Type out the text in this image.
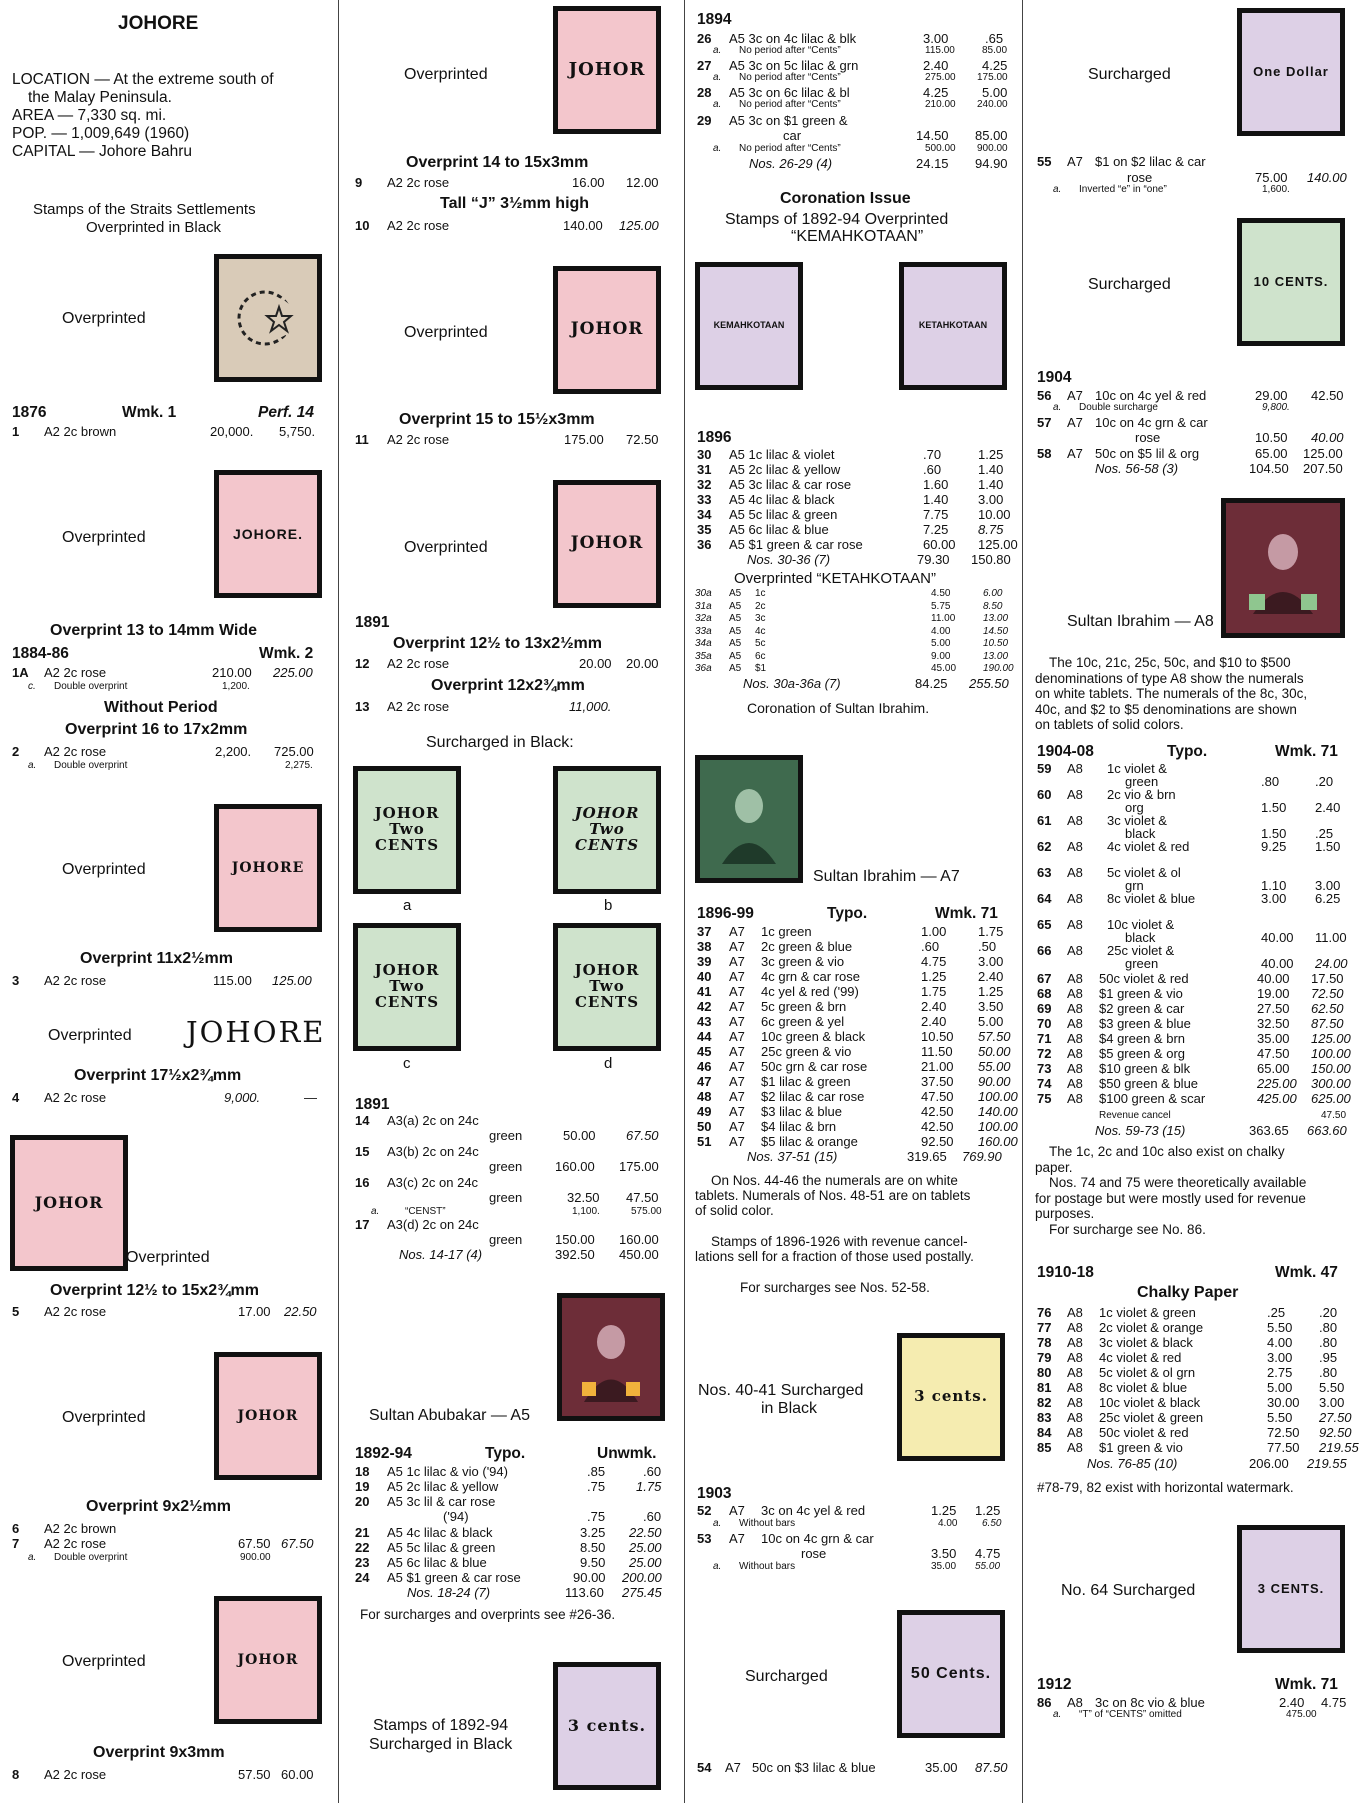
JOHORE
LOCATION — At the extreme south of
the Malay Peninsula.
AREA — 7,330 sq. mi.
POP. — 1,009,649 (1960)
CAPITAL — Johore Bahru
Stamps of the Straits Settlements
Overprinted in Black
Overprinted
1876	Wmk. 1	Perf. 14
1 A2 2c brown	20,000. 5,750.
Overprinted	JOHORE.
Overprint 13 to 14mm Wide
1884-86	Wmk. 2
1A A2 2c rose	210.00 225.00
c. Double overprint	1,200.
Without Period
Overprint 16 to 17x2mm
2 A2 2c rose	2,200. 725.00
a. Double overprint	2,275.
Overprinted	JOHORE
Overprint 11x2½mm
3 A2 2c rose	115.00 125.00
Overprinted JOHORE
Overprint 17½x2¾mm
4 A2 2c rose	9,000.	—
JOHOR
Overprinted
Overprint 12½ to 15x2¾mm
5 A2 2c rose	17.00 22.50
Overprinted	JOHOR
Overprint 9x2½mm
6 A2 2c brown
7 A2 2c rose	67.50 67.50
a. Double overprint	900.00
Overprinted	JOHOR
Overprint 9x3mm
8 A2 2c rose	57.50 60.00
Overprinted	JOHOR
Overprint 14 to 15x3mm
9 A2 2c rose	16.00 12.00
Tall “J” 3½mm high
10 A2 2c rose	140.00 125.00
Overprinted	JOHOR
Overprint 15 to 15½x3mm
11 A2 2c rose	175.00 72.50
Overprinted	JOHOR
1891
Overprint 12½ to 13x2½mm
12 A2 2c rose	20.00 20.00
Overprint 12x2¾mm
13 A2 2c rose	11,000.
Surcharged in Black:
JOHOR
Two
CENTS
JOHOR
Two
CENTS
a	b
JOHOR
Two
CENTS
JOHOR
Two
CENTS
c	d
1891
14 A3(a) 2c on 24c
green	50.00 67.50
15 A3(b) 2c on 24c
green	160.00 175.00
16 A3(c) 2c on 24c
green	32.50 47.50
a.	“CENST”	1,100.	575.00
17 A3(d) 2c on 24c
green	150.00 160.00
Nos. 14-17 (4)	392.50 450.00
Sultan Abubakar — A5
1892-94	Typo.	Unwmk.
18 A5 1c lilac & vio ('94)	.85	.60
19 A5 2c lilac & yellow	.75 1.75
20 A5 3c lil & car rose
('94)	.75	.60
21 A5 4c lilac & black	3.25 22.50
22 A5 5c lilac & green	8.50 25.00
23 A5 6c lilac & blue	9.50 25.00
24 A5 $1 green & car rose	90.00 200.00
Nos. 18-24 (7)	113.60 275.45
For surcharges and overprints see #26-36.
Stamps of 1892-94
Surcharged in Black
3 cents.
1894
26 A5 3c on 4c lilac & blk	3.00	.65
a. No period after “Cents”	115.00	85.00
27 A5 3c on 5c lilac & grn	2.40	4.25
a. No period after “Cents”	275.00 175.00
28 A5 3c on 6c lilac & bl	4.25	5.00
a. No period after “Cents”	210.00 240.00
29 A5 3c on $1 green &
car	14.50 85.00
a. No period after “Cents”	500.00 900.00
Nos. 26-29 (4)	24.15 94.90
Coronation Issue
Stamps of 1892-94 Overprinted
“KEMAHKOTAAN”
KEMAHKOTAAN	KETAHKOTAAN
1896
30 A5 1c lilac & violet	.70	1.25
31 A5 2c lilac & yellow	.60	1.40
32 A5 3c lilac & car rose	1.60 1.40
33 A5 4c lilac & black	1.40 3.00
34 A5 5c lilac & green	7.75 10.00
35 A5 6c lilac & blue	7.25 8.75
36 A5 $1 green & car rose	60.00 125.00
Nos. 30-36 (7)	79.30 150.80
Overprinted “KETAHKOTAAN”
30a A5 1c	4.50	6.00
31a A5 2c	5.75	8.50
32a A5 3c	11.00	13.00
33a A5 4c	4.00	14.50
34a A5 5c	5.00	10.50
35a A5 6c	9.00	13.00
36a A5 $1	45.00	190.00
Nos. 30a-36a (7)	84.25 255.50
Coronation of Sultan Ibrahim.
Sultan Ibrahim — A7
1896-99	Typo.	Wmk. 71
37 A7 1c green	1.00 1.75
38 A7 2c green & blue	.60	.50
39 A7 3c green & vio	4.75 3.00
40 A7 4c grn & car rose	1.25 2.40
41 A7 4c yel & red ('99)	1.75 1.25
42 A7 5c green & brn	2.40 3.50
43 A7 6c green & yel	2.40 5.00
44 A7 10c green & black	10.50 57.50
45 A7 25c green & vio	11.50 50.00
46 A7 50c grn & car rose	21.00 55.00
47 A7 $1 lilac & green	37.50 90.00
48 A7 $2 lilac & car rose	47.50 100.00
49 A7 $3 lilac & blue	42.50 140.00
50 A7 $4 lilac & brn	42.50 100.00
51 A7 $5 lilac & orange	92.50 160.00
Nos. 37-51 (15)	319.65 769.90
On Nos. 44-46 the numerals are on white
tablets. Numerals of Nos. 48-51 are on tablets
of solid color.
Stamps of 1896-1926 with revenue cancel-
lations sell for a fraction of those used postally.
For surcharges see Nos. 52-58.
Nos. 40-41 Surcharged
in Black
3 cents.
1903
52 A7 3c on 4c yel & red	1.25 1.25
a. Without bars	4.00 6.50
53 A7 10c on 4c grn & car
rose	3.50 4.75
a. Without bars	35.00 55.00
Surcharged	50 Cents.
54 A7 50c on $3 lilac & blue	35.00 87.50
Surcharged	One Dollar
55 A7 $1 on $2 lilac & car
rose	75.00 140.00
a. Inverted “e” in “one”	1,600.
Surcharged	10 CENTS.
1904
56 A7 10c on 4c yel & red	29.00 42.50
a. Double surcharge	9,800.
57 A7 10c on 4c grn & car
rose	10.50 40.00
58 A7 50c on $5 lil & org	65.00 125.00
Nos. 56-58 (3)	104.50 207.50
Sultan Ibrahim — A8
The 10c, 21c, 25c, 50c, and $10 to $500
denominations of type A8 show the numerals
on white tablets. The numerals of the 8c, 30c,
40c, and $2 to $5 denominations are shown
on tablets of solid colors.
1904-08	Typo.	Wmk. 71
59 A8 1c violet &
green	.80	.20
60 A8 2c vio & brn
org	1.50 2.40
61 A8 3c violet &
black	1.50 .25
62 A8 4c violet & red	9.25 1.50
63 A8 5c violet & ol
grn	1.10 3.00
64 A8 8c violet & blue	3.00 6.25
65 A8 10c violet &
black	40.00 11.00
66 A8 25c violet &
green	40.00 24.00
67 A8 50c violet & red	40.00 17.50
68 A8 $1 green & vio	19.00 72.50
69 A8 $2 green & car	27.50 62.50
70 A8 $3 green & blue	32.50 87.50
71 A8 $4 green & brn	35.00 125.00
72 A8 $5 green & org	47.50 100.00
73 A8 $10 green & blk	65.00 150.00
74 A8 $50 green & blue	225.00 300.00
75 A8 $100 green & scar	425.00 625.00
Revenue cancel	47.50
Nos. 59-73 (15)	363.65 663.60
The 1c, 2c and 10c also exist on chalky
paper.
Nos. 74 and 75 were theoretically available
for postage but were mostly used for revenue
purposes.
For surcharge see No. 86.
1910-18	Wmk. 47
Chalky Paper
76 A8 1c violet & green	.25	.20
77 A8 2c violet & orange	5.50 .80
78 A8 3c violet & black	4.00 .80
79 A8 4c violet & red	3.00 .95
80 A8 5c violet & ol grn	2.75 .80
81 A8 8c violet & blue	5.00 5.50
82 A8 10c violet & black	30.00 3.00
83 A8 25c violet & green	5.50 27.50
84 A8 50c violet & red	72.50 92.50
85 A8 $1 green & vio	77.50 219.55
Nos. 76-85 (10)	206.00 219.55
#78-79, 82 exist with horizontal watermark.
No. 64 Surcharged	3 CENTS.
1912	Wmk. 71
86 A8 3c on 8c vio & blue	2.40 4.75
a. “T” of “CENTS” omitted	475.00
